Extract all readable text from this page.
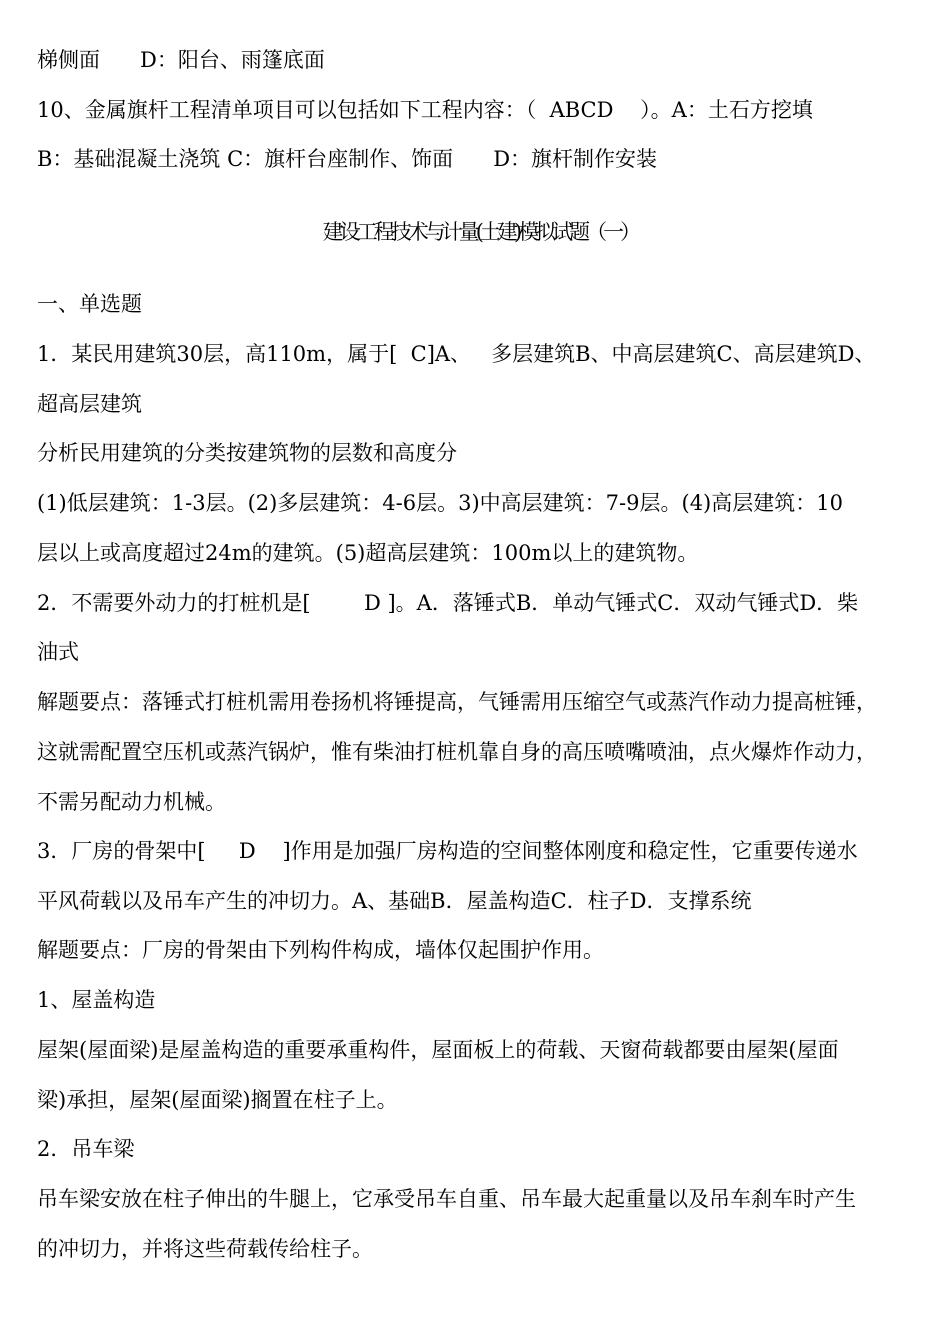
梯侧面      D：阳台、雨篷底面

10、金属旗杆工程清单项目可以包括如下工程内容：（  ABCD    ）。A：土石方挖填

B：基础混凝土浇筑 C：旗杆台座制作、饰面      D：旗杆制作安装

建设工程技术与计量(土建)模拟试题（一）

一、单选题

1．某民用建筑30层，高110m，属于[  C]A、   多层建筑B、中高层建筑C、高层建筑D、

超高层建筑

分析民用建筑的分类按建筑物的层数和高度分

(1)低层建筑：1-3层。(2)多层建筑：4-6层。3)中高层建筑：7-9层。(4)高层建筑：10

层以上或高度超过24m的建筑。(5)超高层建筑：100m以上的建筑物。

2．不需要外动力的打桩机是[        D ]。A．落锤式B．单动气锤式C．双动气锤式D．柴

油式

解题要点：落锤式打桩机需用卷扬机将锤提高，气锤需用压缩空气或蒸汽作动力提高桩锤，

这就需配置空压机或蒸汽锅炉，惟有柴油打桩机靠自身的高压喷嘴喷油，点火爆炸作动力，

不需另配动力机械。

3．厂房的骨架中[     D    ]作用是加强厂房构造的空间整体刚度和稳定性，它重要传递水

平风荷载以及吊车产生的冲切力。A、基础B．屋盖构造C．柱子D．支撑系统

解题要点：厂房的骨架由下列构件构成，墙体仅起围护作用。

1、屋盖构造

屋架(屋面梁)是屋盖构造的重要承重构件，屋面板上的荷载、天窗荷载都要由屋架(屋面

梁)承担，屋架(屋面梁)搁置在柱子上。

2．吊车梁

吊车梁安放在柱子伸出的牛腿上，它承受吊车自重、吊车最大起重量以及吊车刹车时产生

的冲切力，并将这些荷载传给柱子。
